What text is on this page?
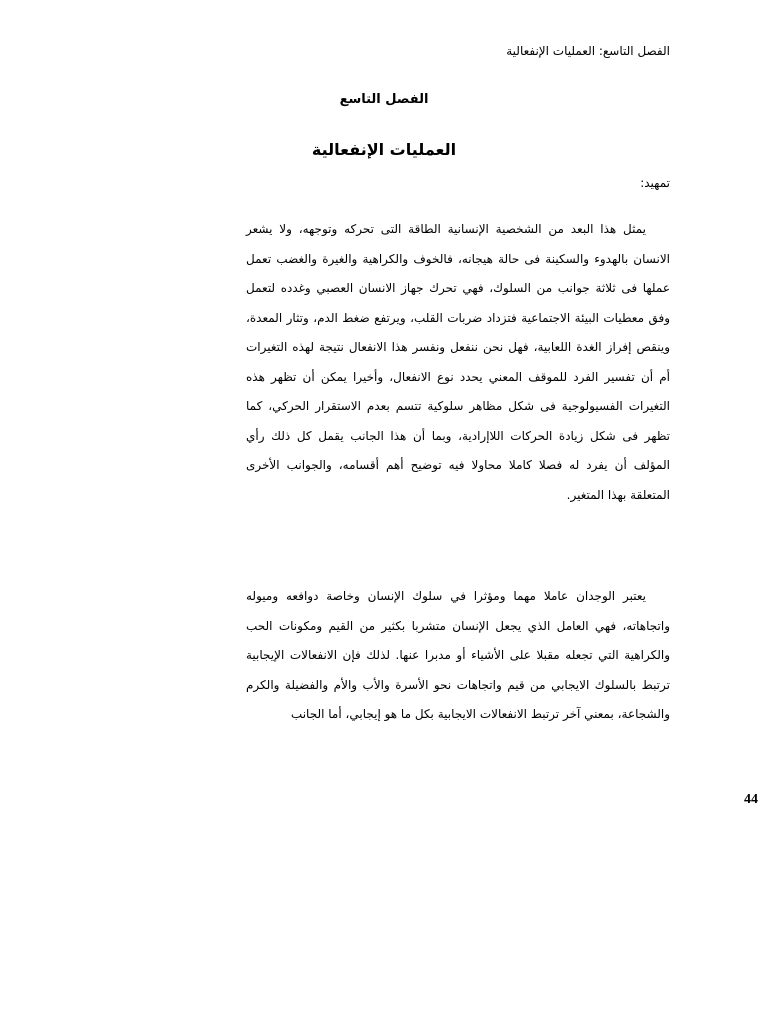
الفصل التاسع: العمليات الإنفعالية
الفصل التاسع
العمليات الإنفعالية
تمهيد:

يمثل هذا البعد من الشخصية الإنسانية الطاقة التى تحركه وتوجهه، ولا يشعر الانسان بالهدوء والسكينة فى حالة هيجانه، فالخوف والكراهية والغيرة والغضب تعمل عملها فى ثلاثة جوانب من السلوك، فهي تحرك جهاز الانسان العصبي وغدده لتعمل وفق معطيات البيئة الاجتماعية فتزداد ضربات القلب، ويرتفع ضغط الدم، وتثار المعدة، وينقص إفراز الغدة اللعابية، فهل نحن ننفعل ونفسر هذا الانفعال نتيجة لهذه التغيرات أم أن تفسير الفرد للموقف المعني يحدد نوع الانفعال، وأخيرا يمكن أن تظهر هذه التغيرات الفسيولوجية فى شكل مظاهر سلوكية تتسم بعدم الاستقرار الحركي، كما تظهر فى شكل زيادة الحركات اللاإرادية، وبما أن هذا الجانب يقمل كل ذلك رأي المؤلف أن يفرد له فصلا كاملا محاولا فيه توضيح أهم أقسامه، والجوانب الأخرى المتعلقة بهذا المتغير.

يعتبر الوجدان عاملا مهما ومؤثرا في سلوك الإنسان وخاصة دوافعه وميوله واتجاهاته، فهي العامل الذي يجعل الإنسان متشربا بكثير من القيم ومكونات الحب والكراهية التي تجعله مقبلا على الأشياء أو مدبرا عنها. لذلك فإن الانفعالات الإيجابية ترتبط بالسلوك الايجابي من قيم واتجاهات نحو الأسرة والأب والأم والفضيلة والكرم والشجاعة، بمعني آخر ترتبط الانفعالات الايجابية بكل ما هو إيجابي، أما الجانب

44
